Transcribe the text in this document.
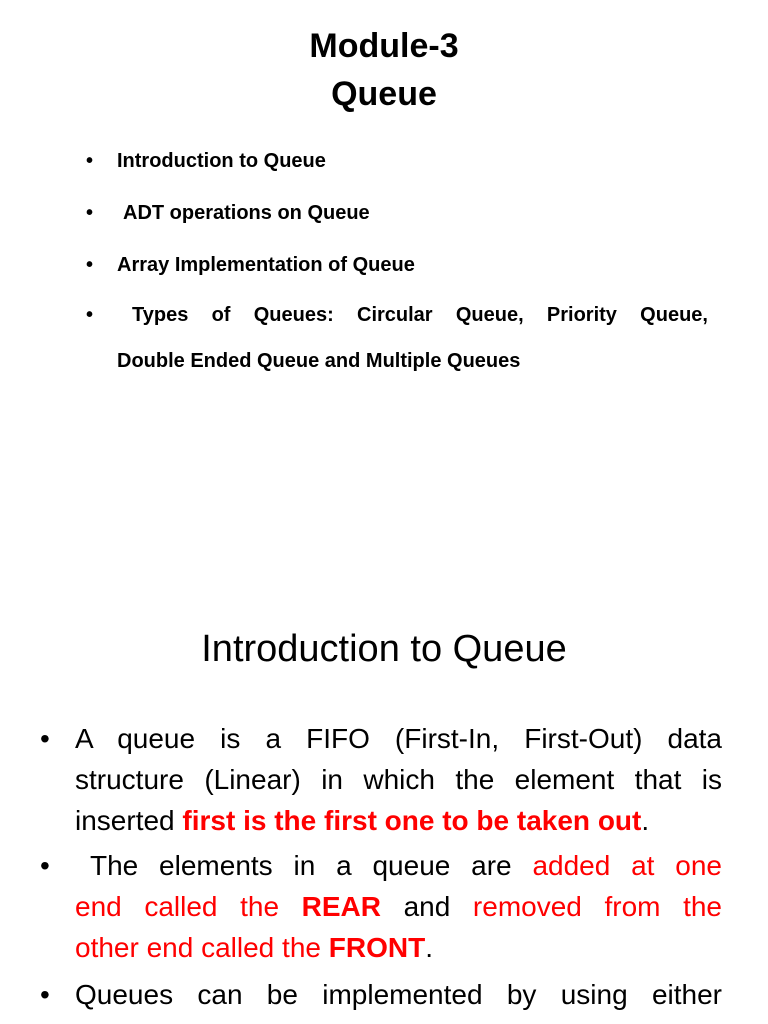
Module-3
Queue
• Introduction to Queue
• ADT operations on Queue
• Array Implementation of Queue
• Types of Queues: Circular Queue, Priority Queue,
Double Ended Queue and Multiple Queues
Introduction to Queue
• A queue is a FIFO (First-In, First-Out) data
structure (Linear) in which the element that is
inserted first is the first one to be taken out.
• The elements in a queue are added at one
end called the REAR and removed from the
other end called the FRONT.
• Queues can be implemented by using either
